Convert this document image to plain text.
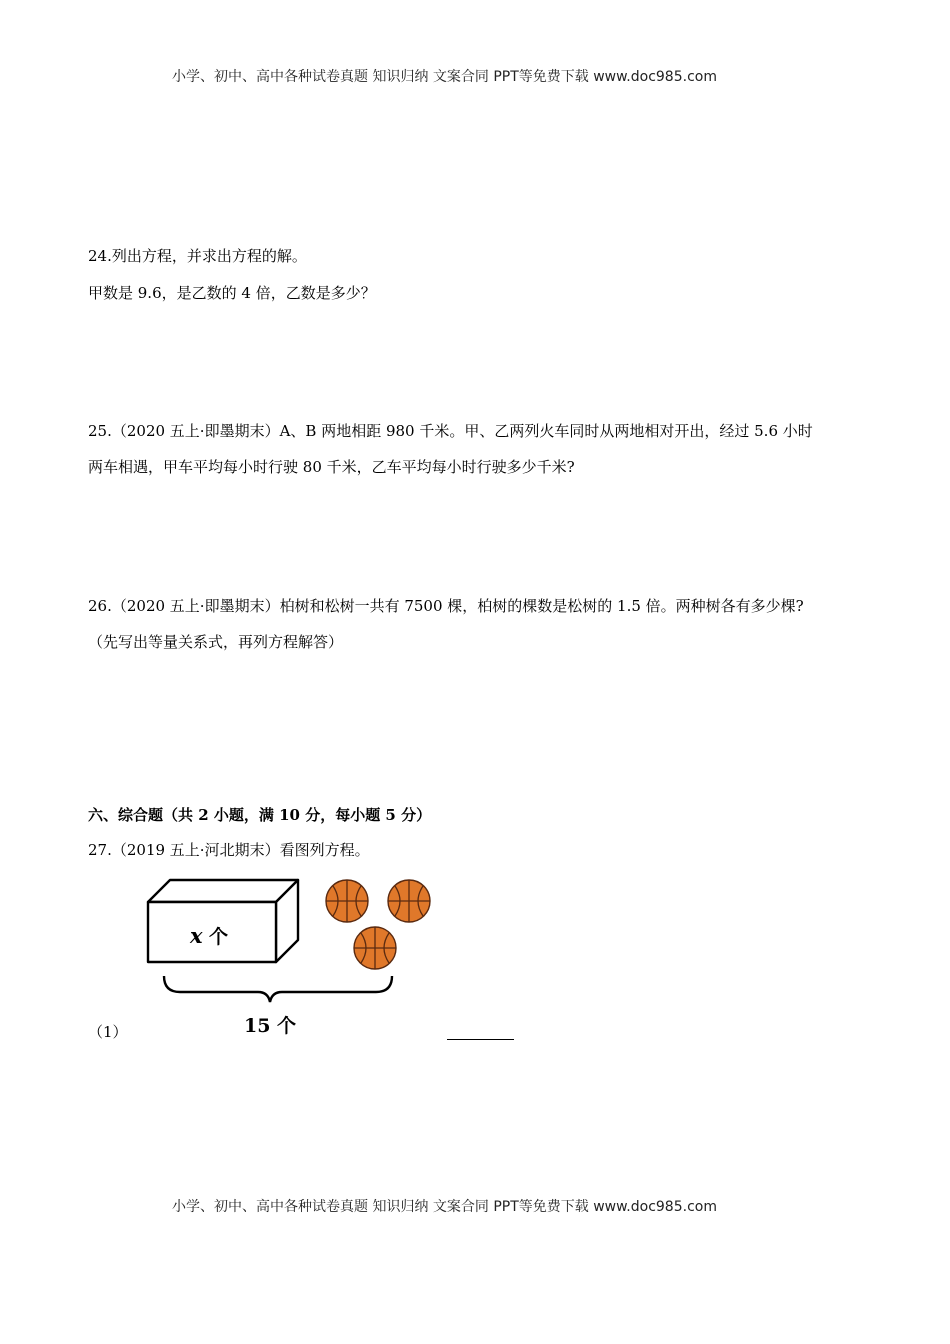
小学、初中、高中各种试卷真题 知识归纳 文案合同 PPT等免费下载 www.doc985.com
24.列出方程，并求出方程的解。
甲数是 9.6，是乙数的 4 倍，乙数是多少？
25.（2020 五上·即墨期末）A、B 两地相距 980 千米。甲、乙两列火车同时从两地相对开出，经过 5.6 小时
两车相遇，甲车平均每小时行驶 80 千米，乙车平均每小时行驶多少千米?
26.（2020 五上·即墨期末）柏树和松树一共有 7500 棵，柏树的棵数是松树的 1.5 倍。两种树各有多少棵?
（先写出等量关系式，再列方程解答）
六、综合题（共 2 小题，满 10 分，每小题 5 分）
27.（2019 五上·河北期末）看图列方程。
x 个
15 个
（1）
小学、初中、高中各种试卷真题 知识归纳 文案合同 PPT等免费下载 www.doc985.com
